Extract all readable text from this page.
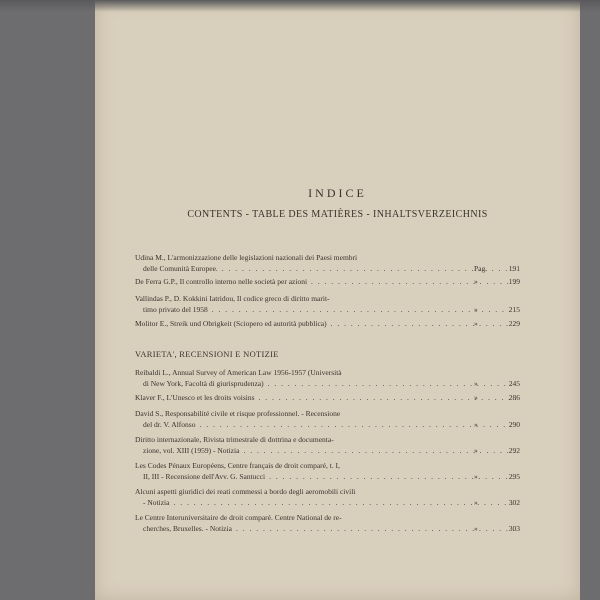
INDICE
CONTENTS - TABLE DES MATIÈRES - INHALTSVERZEICHNIS
Udina M., L'armonizzazione delle legislazioni nazionali dei Paesi membri
delle Comunità Europee. . . .	Pag.	191
De Ferra G.P., Il controllo interno nelle società per azioni . . .	»	199
Vallindas P., D. Kokkini Iatridou, Il codice greco di diritto marit-
timo privato del 1958 . . .	»	215
Molitor E., Streik und Obrigkeit (Sciopero ed autorità pubblica) . . .	»	229
VARIETA', RECENSIONI E NOTIZIE
Reibaldi L., Annual Survey of American Law 1956-1957 (Università
di New York, Facoltà di giurisprudenza) . . .	»	245
Klaver F., L'Unesco et les droits voisins . . .	»	286
David S., Responsabilité civile et risque professionnel. - Recensione
del dr. V. Alfonso . . .	»	290
Diritto internazionale, Rivista trimestrale di dottrina e documenta-
zione, vol. XIII (1959) - Notizia . . .	»	292
Les Codes Pénaux Européens, Centre français de droit comparé, t. I,
II, III - Recensione dell'Avv. G. Santucci . . .	»	295
Alcuni aspetti giuridici dei reati commessi a bordo degli aeromobili civili
- Notizia . . .	»	302
Le Centre Interuniversitaire de droit comparé. Centre National de re-
cherches, Bruxelles. - Notizia . . .	»	303
